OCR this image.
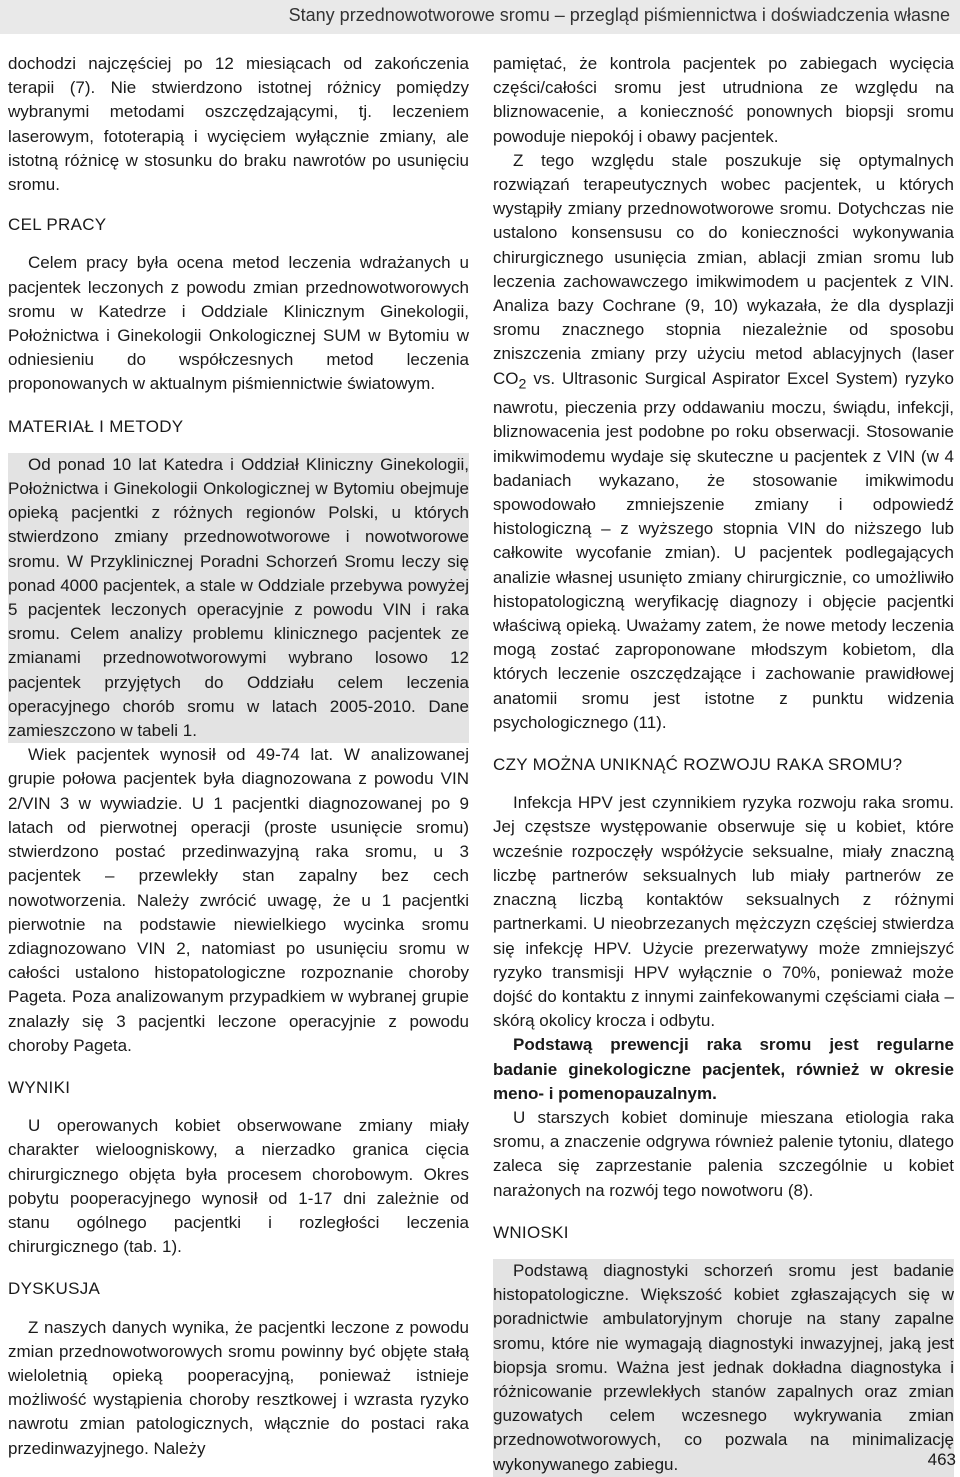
Stany przednowotworowe sromu – przegląd piśmiennictwa i doświadczenia własne

dochodzi najczęściej po 12 miesiącach od zakończenia terapii (7). Nie stwierdzono istotnej różnicy pomiędzy wybranymi metodami oszczędzającymi, tj. leczeniem laserowym, fototerapią i wycięciem wyłącznie zmiany, ale istotną różnicę w stosunku do braku nawrotów po usunięciu sromu.

CEL PRACY

Celem pracy była ocena metod leczenia wdrażanych u pacjentek leczonych z powodu zmian przednowotworowych sromu w Katedrze i Oddziale Klinicznym Ginekologii, Położnictwa i Ginekologii Onkologicznej SUM w Bytomiu w odniesieniu do współczesnych metod leczenia proponowanych w aktualnym piśmiennictwie światowym.

MATERIAŁ I METODY

Od ponad 10 lat Katedra i Oddział Kliniczny Ginekologii, Położnictwa i Ginekologii Onkologicznej w Bytomiu obejmuje opieką pacjentki z różnych regionów Polski, u których stwierdzono zmiany przednowotworowe i nowotworowe sromu. W Przyklinicznej Poradni Schorzeń Sromu leczy się ponad 4000 pacjentek, a stale w Oddziale przebywa powyżej 5 pacjentek leczonych operacyjnie z powodu VIN i raka sromu. Celem analizy problemu klinicznego pacjentek ze zmianami przednowotworowymi wybrano losowo 12 pacjentek przyjętych do Oddziału celem leczenia operacyjnego chorób sromu w latach 2005-2010. Dane zamieszczono w tabeli 1.

Wiek pacjentek wynosił od 49-74 lat. W analizowanej grupie połowa pacjentek była diagnozowana z powodu VIN 2/VIN 3 w wywiadzie. U 1 pacjentki diagnozowanej po 9 latach od pierwotnej operacji (proste usunięcie sromu) stwierdzono postać przedinwazyjną raka sromu, u 3 pacjentek – przewlekły stan zapalny bez cech nowotworzenia. Należy zwrócić uwagę, że u 1 pacjentki pierwotnie na podstawie niewielkiego wycinka sromu zdiagnozowano VIN 2, natomiast po usunięciu sromu w całości ustalono histopatologiczne rozpoznanie choroby Pageta. Poza analizowanym przypadkiem w wybranej grupie znalazły się 3 pacjentki leczone operacyjnie z powodu choroby Pageta.

WYNIKI

U operowanych kobiet obserwowane zmiany miały charakter wieloogniskowy, a nierzadko granica cięcia chirurgicznego objęta była procesem chorobowym. Okres pobytu pooperacyjnego wynosił od 1-17 dni zależnie od stanu ogólnego pacjentki i rozległości leczenia chirurgicznego (tab. 1).

DYSKUSJA

Z naszych danych wynika, że pacjentki leczone z powodu zmian przednowotworowych sromu powinny być objęte stałą wieloletnią opieką pooperacyjną, ponieważ istnieje możliwość wystąpienia choroby resztkowej i wzrasta ryzyko nawrotu zmian patologicznych, włącznie do postaci raka przedinwazyjnego. Należy

pamiętać, że kontrola pacjentek po zabiegach wycięcia części/całości sromu jest utrudniona ze względu na bliznowacenie, a konieczność ponownych biopsji sromu powoduje niepokój i obawy pacjentek.

Z tego względu stale poszukuje się optymalnych rozwiązań terapeutycznych wobec pacjentek, u których wystąpiły zmiany przednowotworowe sromu. Dotychczas nie ustalono konsensusu co do konieczności wykonywania chirurgicznego usunięcia zmian, ablacji zmian sromu lub leczenia zachowawczego imikwimodem u pacjentek z VIN. Analiza bazy Cochrane (9, 10) wykazała, że dla dysplazji sromu znacznego stopnia niezależnie od sposobu zniszczenia zmiany przy użyciu metod ablacyjnych (laser $CO_2$ vs. Ultrasonic Surgical Aspirator Excel System) ryzyko nawrotu, pieczenia przy oddawaniu moczu, świądu, infekcji, bliznowacenia jest podobne po roku obserwacji. Stosowanie imikwimodemu wydaje się skuteczne u pacjentek z VIN (w 4 badaniach wykazano, że stosowanie imikwimodu spowodowało zmniejszenie zmiany i odpowiedź histologiczną – z wyższego stopnia VIN do niższego lub całkowite wycofanie zmian). U pacjentek podlegających analizie własnej usunięto zmiany chirurgicznie, co umożliwiło histopatologiczną weryfikację diagnozy i objęcie pacjentki właściwą opieką. Uważamy zatem, że nowe metody leczenia mogą zostać zaproponowane młodszym kobietom, dla których leczenie oszczędzające i zachowanie prawidłowej anatomii sromu jest istotne z punktu widzenia psychologicznego (11).

CZY MOŻNA UNIKNĄĆ ROZWOJU RAKA SROMU?

Infekcja HPV jest czynnikiem ryzyka rozwoju raka sromu. Jej częstsze występowanie obserwuje się u kobiet, które wcześnie rozpoczęły współżycie seksualne, miały znaczną liczbę partnerów seksualnych lub miały partnerów ze znaczną liczbą kontaktów seksualnych z różnymi partnerkami. U nieobrzezanych mężczyzn częściej stwierdza się infekcję HPV. Użycie prezerwatywy może zmniejszyć ryzyko transmisji HPV wyłącznie o 70%, ponieważ może dojść do kontaktu z innymi zainfekowanymi częściami ciała – skórą okolicy krocza i odbytu.

Podstawą prewencji raka sromu jest regularne badanie ginekologiczne pacjentek, również w okresie meno- i pomenopauzalnym.

U starszych kobiet dominuje mieszana etiologia raka sromu, a znaczenie odgrywa również palenie tytoniu, dlatego zaleca się zaprzestanie palenia szczególnie u kobiet narażonych na rozwój tego nowotworu (8).

WNIOSKI

Podstawą diagnostyki schorzeń sromu jest badanie histopatologiczne. Większość kobiet zgłaszających się w poradnictwie ambulatoryjnym choruje na stany zapalne sromu, które nie wymagają diagnostyki inwazyjnej, jaką jest biopsja sromu. Ważna jest jednak dokładna diagnostyka i różnicowanie przewlekłych stanów zapalnych oraz zmian guzowatych celem wczesnego wykrywania zmian przednowotworowych, co pozwala na minimalizację wykonywanego zabiegu.	463
